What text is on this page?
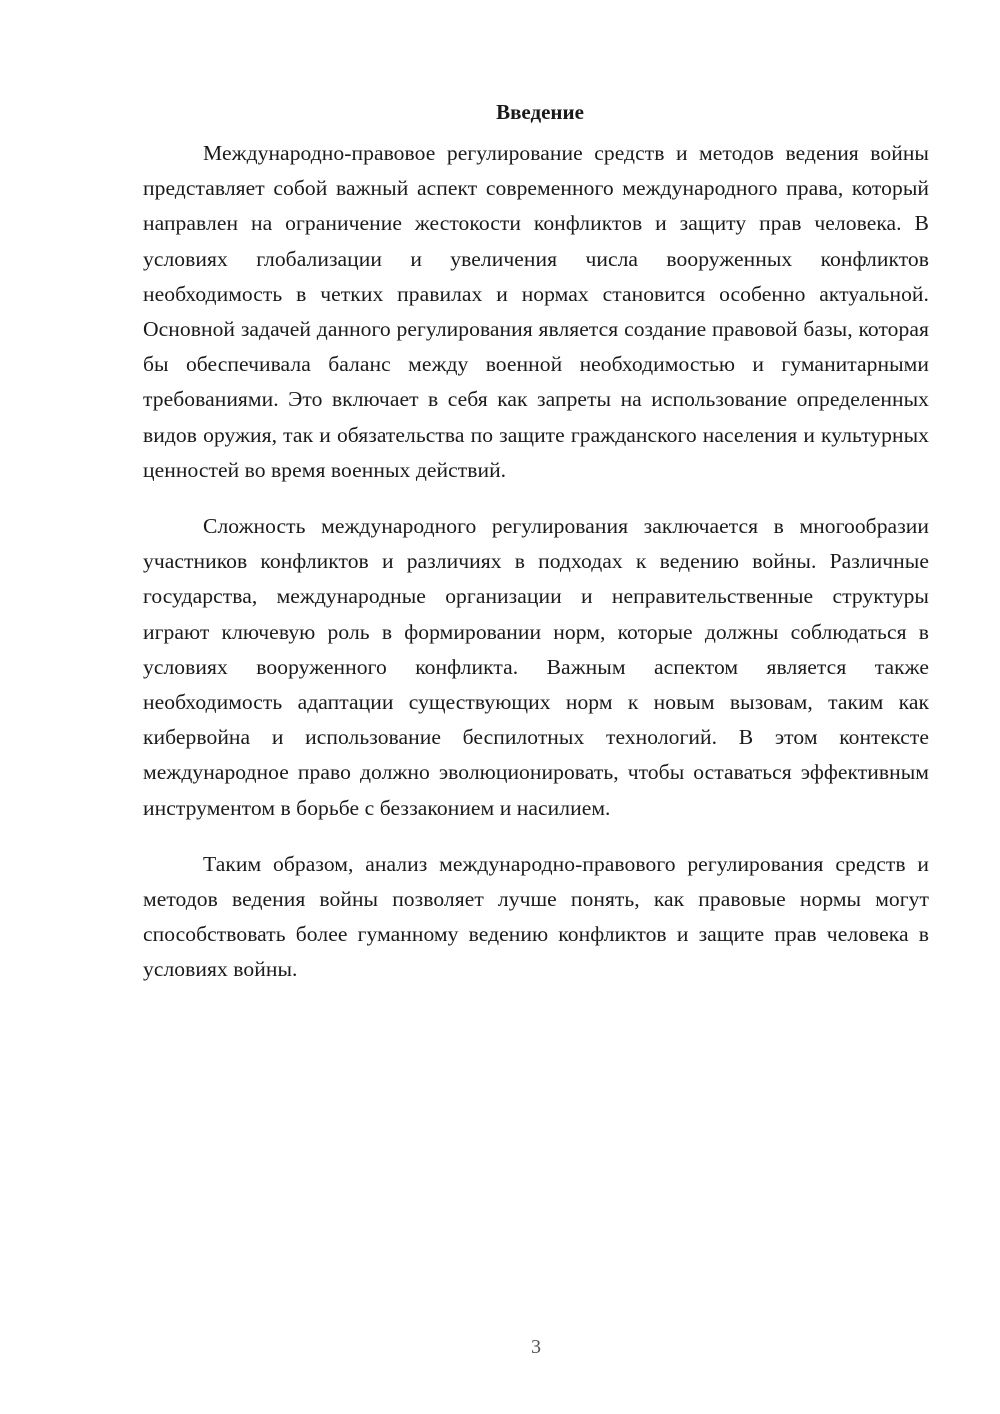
Введение

Международно-правовое регулирование средств и методов ведения войны представляет собой важный аспект современного международного права, который направлен на ограничение жестокости конфликтов и защиту прав человека. В условиях глобализации и увеличения числа вооруженных конфликтов необходимость в четких правилах и нормах становится особенно актуальной. Основной задачей данного регулирования является создание правовой базы, которая бы обеспечивала баланс между военной необходимостью и гуманитарными требованиями. Это включает в себя как запреты на использование определенных видов оружия, так и обязательства по защите гражданского населения и культурных ценностей во время военных действий.

Сложность международного регулирования заключается в многообразии участников конфликтов и различиях в подходах к ведению войны. Различные государства, международные организации и неправительственные структуры играют ключевую роль в формировании норм, которые должны соблюдаться в условиях вооруженного конфликта. Важным аспектом является также необходимость адаптации существующих норм к новым вызовам, таким как кибервойна и использование беспилотных технологий. В этом контексте международное право должно эволюционировать, чтобы оставаться эффективным инструментом в борьбе с беззаконием и насилием.

Таким образом, анализ международно-правового регулирования средств и методов ведения войны позволяет лучше понять, как правовые нормы могут способствовать более гуманному ведению конфликтов и защите прав человека в условиях войны.

3
